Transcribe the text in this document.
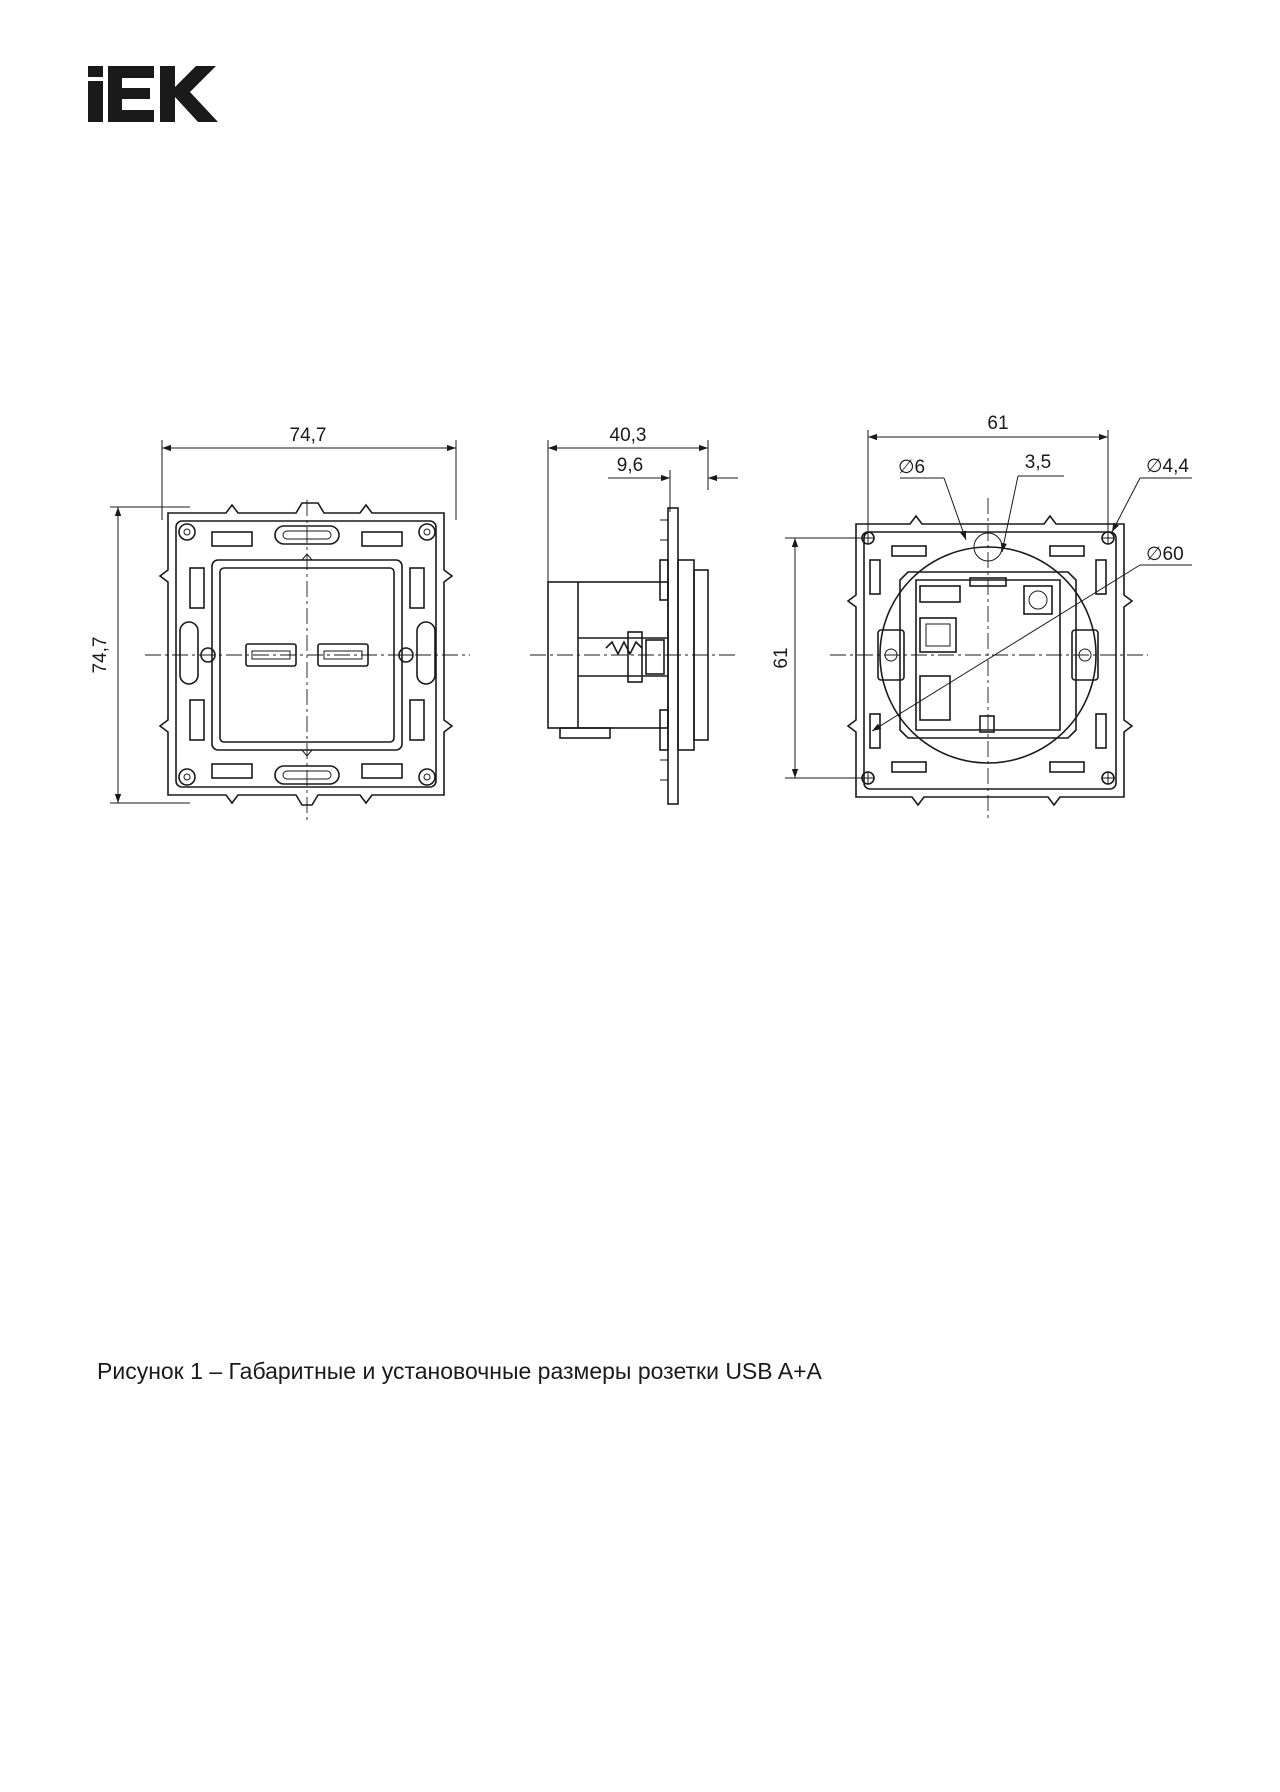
74,7
74,7
40,3
9,6
61
61
∅6	3,5	∅4,4
∅60
Рисунок 1 – Габаритные и установочные размеры розетки USB A+A
